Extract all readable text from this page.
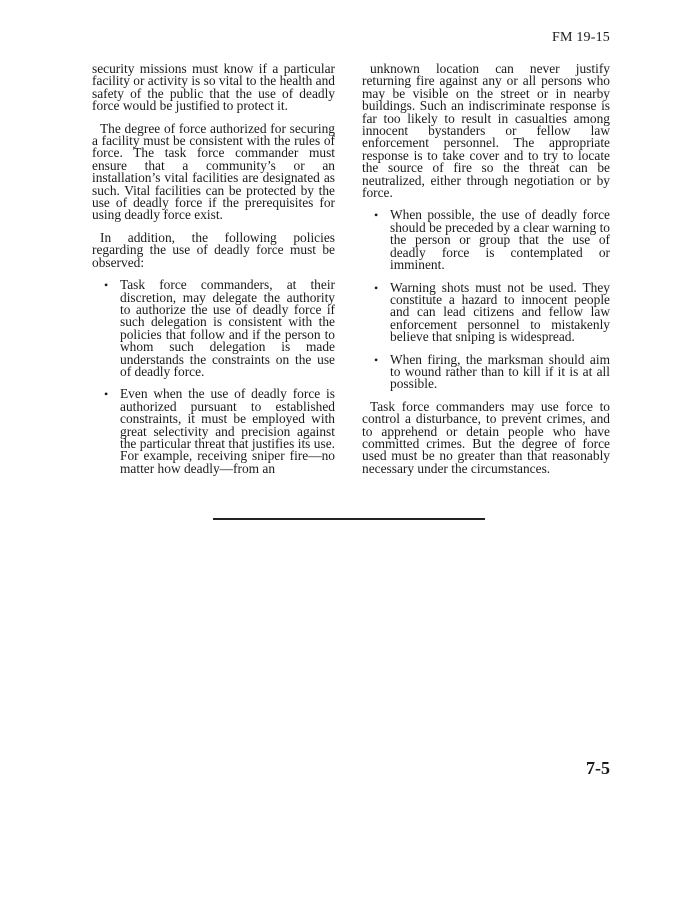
FM 19-15

security missions must know if a particular facility or activity is so vital to the health and safety of the public that the use of deadly force would be justified to protect it.

The degree of force authorized for securing a facility must be consistent with the rules of force. The task force commander must ensure that a community’s or an installation’s vital facilities are designated as such. Vital facilities can be protected by the use of deadly force if the prerequisites for using deadly force exist.

In addition, the following policies regarding the use of deadly force must be observed:

• Task force commanders, at their discretion, may delegate the authority to authorize the use of deadly force if such delegation is consistent with the policies that follow and if the person to whom such delegation is made understands the constraints on the use of deadly force.
• Even when the use of deadly force is authorized pursuant to established constraints, it must be employed with great selectivity and precision against the particular threat that justifies its use. For example, receiving sniper fire—no matter how deadly—from an

unknown location can never justify returning fire against any or all persons who may be visible on the street or in nearby buildings. Such an indiscriminate response is far too likely to result in casualties among innocent bystanders or fellow law enforcement personnel. The appropriate response is to take cover and to try to locate the source of fire so the threat can be neutralized, either through negotiation or by force.

• When possible, the use of deadly force should be preceded by a clear warning to the person or group that the use of deadly force is contemplated or imminent.
• Warning shots must not be used. They constitute a hazard to innocent people and can lead citizens and fellow law enforcement personnel to mistakenly believe that sniping is widespread.
• When firing, the marksman should aim to wound rather than to kill if it is at all possible.

Task force commanders may use force to control a disturbance, to prevent crimes, and to apprehend or detain people who have committed crimes. But the degree of force used must be no greater than that reasonably necessary under the circumstances.

7-5
